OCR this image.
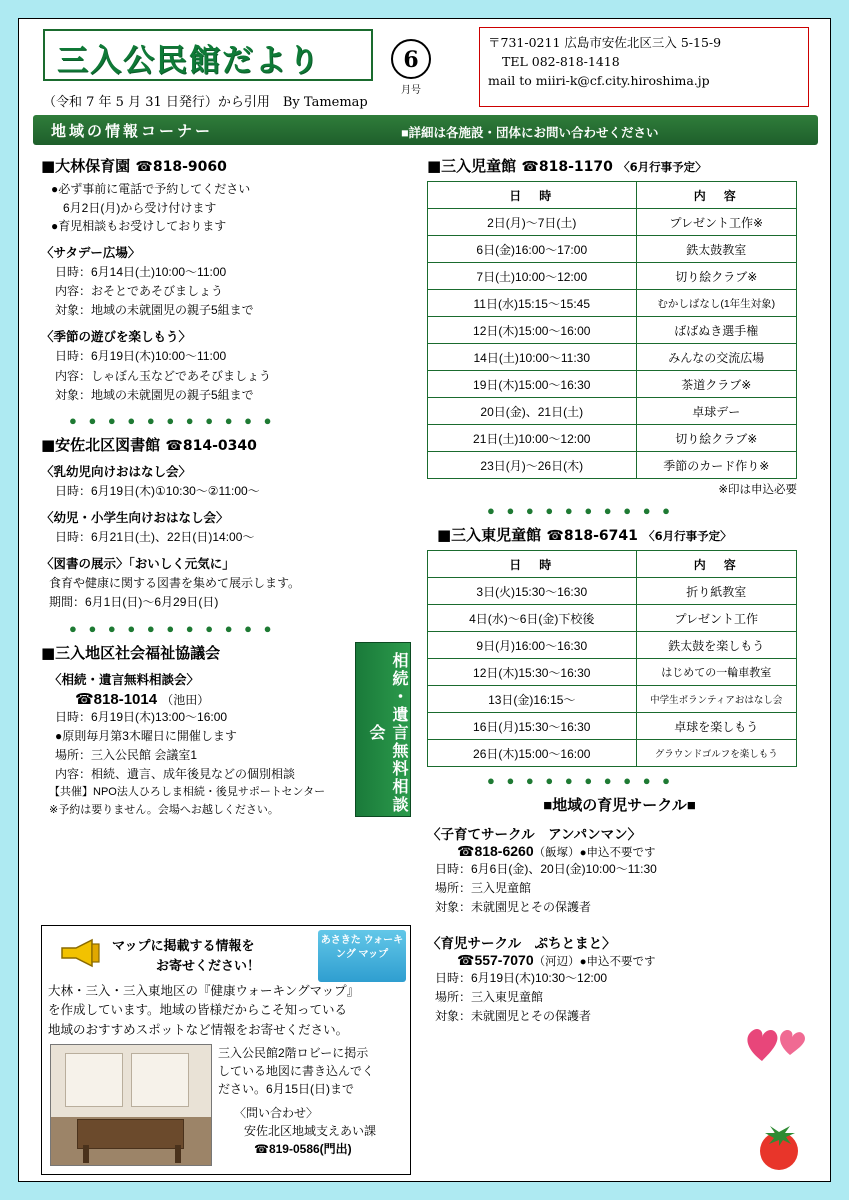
三入公民館だより	6
月号
（令和 7 年 5 月 31 日発行）から引用　By Tamemap
〒731-0211 広島市安佐北区三入 5-15-9
TEL 082-818-1418
mail to miiri-k@cf.city.hiroshima.jp
地域の情報コーナー	■詳細は各施設・団体にお問い合わせください
■大林保育園 ☎818-9060
●必ず事前に電話で予約してください
　6月2日(月)から受け付けます
●育児相談もお受けしております
〈サタデー広場〉
日時：6月14日(土)10:00～11:00
内容：おそとであそびましょう
対象：地域の未就園児の親子5組まで
〈季節の遊びを楽しもう〉
日時：6月19日(木)10:00～11:00
内容：しゃぼん玉などであそびましょう
対象：地域の未就園児の親子5組まで
● ● ● ● ● ● ● ● ● ● ●
■安佐北区図書館 ☎814-0340
〈乳幼児向けおはなし会〉
日時：6月19日(木)①10:30～②11:00～
〈幼児・小学生向けおはなし会〉
日時：6月21日(土)、22日(日)14:00～
〈図書の展示〉「おいしく元気に」
食育や健康に関する図書を集めて展示します。
期間：6月1日(日)～6月29日(日)
● ● ● ● ● ● ● ● ● ● ●
相続・遺言無料相談会
■三入地区社会福祉協議会
〈相続・遺言無料相談会〉
☎818-1014 （池田）
日時：6月19日(木)13:00～16:00
●原則毎月第3木曜日に開催します
場所：三入公民館 会議室1
内容：相続、遺言、成年後見などの個別相談
【共催】NPO法人ひろしま相続・後見サポートセンター
※予約は要りません。会場へお越しください。
あさきた ウォーキング マップ
マップに掲載する情報を
お寄せください！
大林・三入・三入東地区の『健康ウォーキングマップ』
を作成しています。地域の皆様だからこそ知っている
地域のおすすめスポットなど情報をお寄せください。
三入公民館2階ロビーに掲示
している地図に書き込んでく
ださい。6月15日(日)まで
〈問い合わせ〉
安佐北区地域支えあい課
☎819-0586(門出)
■三入児童館 ☎818-1170 〈6月行事予定〉
日　時	内　容
2日(月)～7日(土)	プレゼント工作※
6日(金)16:00～17:00	鉄太鼓教室
7日(土)10:00～12:00	切り絵クラブ※
11日(水)15:15～15:45	むかしばなし(1年生対象)
12日(木)15:00～16:00	ばばぬき選手権
14日(土)10:00～11:30	みんなの交流広場
19日(木)15:00～16:30	茶道クラブ※
20日(金)、21日(土)	卓球デー
21日(土)10:00～12:00	切り絵クラブ※
23日(月)～26日(木)	季節のカード作り※
※印は申込必要
● ● ● ● ● ● ● ● ● ●
■三入東児童館 ☎818-6741 〈6月行事予定〉
日　時	内　容
3日(火)15:30～16:30	折り紙教室
4日(水)～6日(金)下校後	プレゼント工作
9日(月)16:00～16:30	鉄太鼓を楽しもう
12日(木)15:30～16:30	はじめての一輪車教室
13日(金)16:15～	中学生ボランティアおはなし会
16日(月)15:30～16:30	卓球を楽しもう
26日(木)15:00～16:00	グラウンドゴルフを楽しもう
● ● ● ● ● ● ● ● ● ●
■地域の育児サークル■
〈子育てサークル　アンパンマン〉
☎818-6260（飯塚）●申込不要です
日時：6月6日(金)、20日(金)10:00～11:30
場所：三入児童館
対象：未就園児とその保護者
〈育児サークル　ぷちとまと〉
☎557-7070（河辺）●申込不要です
日時：6月19日(木)10:30～12:00
場所：三入東児童館
対象：未就園児とその保護者
